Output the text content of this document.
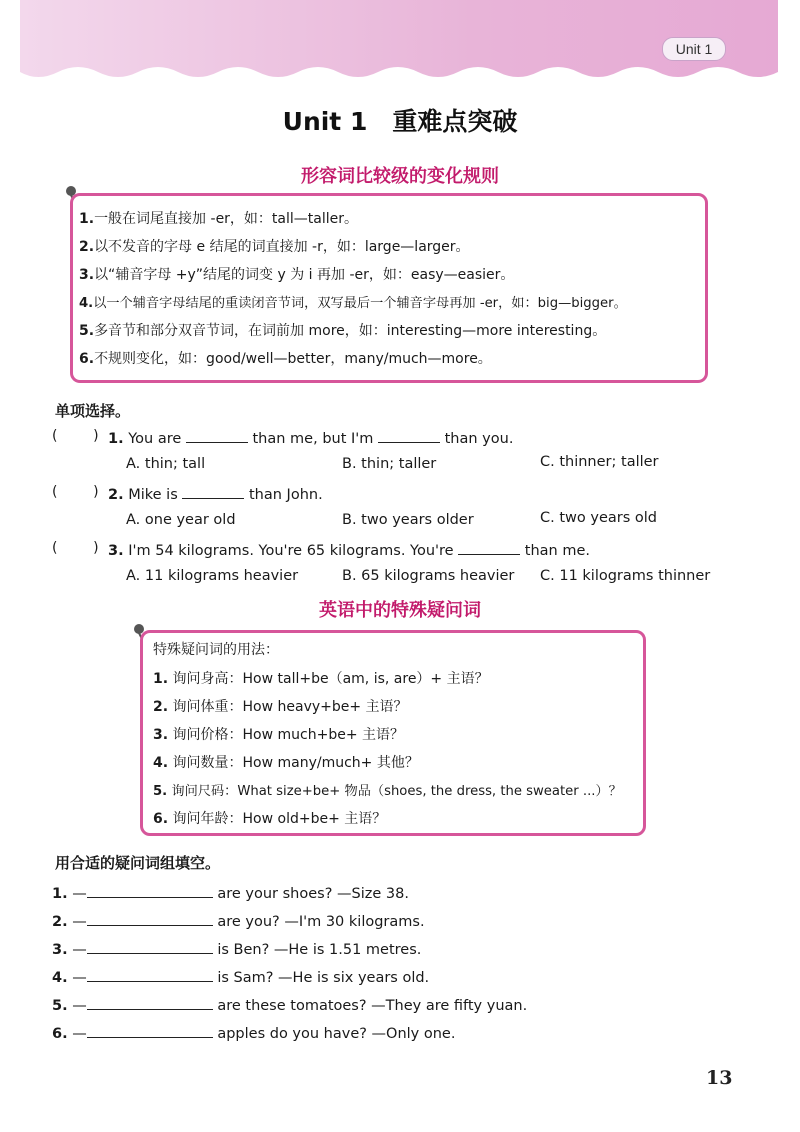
Unit 1
Unit 1　重难点突破
形容词比较级的变化规则
1.一般在词尾直接加 -er，如：tall—taller。
2.以不发音的字母 e 结尾的词直接加 -r，如：large—larger。
3.以“辅音字母 +y”结尾的词变 y 为 i 再加 -er，如：easy—easier。
4.以一个辅音字母结尾的重读闭音节词，双写最后一个辅音字母再加 -er，如：big—bigger。
5.多音节和部分双音节词，在词前加 more，如：interesting—more interesting。
6.不规则变化，如：good/well—better，many/much—more。
单项选择。
(        ) 1. You are	than me, but I'm	than you.
A. thin; tall	B. thin; taller	C. thinner; taller
(        ) 2. Mike is	than John.
A. one year old	B. two years older	C. two years old
(        ) 3. I'm 54 kilograms. You're 65 kilograms. You're	than me.
A. 11 kilograms heavier	B. 65 kilograms heavier C. 11 kilograms thinner
英语中的特殊疑问词
特殊疑问词的用法：
1. 询问身高：How tall+be（am, is, are）+ 主语？
2. 询问体重：How heavy+be+ 主语？
3. 询问价格：How much+be+ 主语？
4. 询问数量：How many/much+ 其他？
5. 询问尺码：What size+be+ 物品（shoes, the dress, the sweater ...）？
6. 询问年龄：How old+be+ 主语？
用合适的疑问词组填空。
1. —	are your shoes? —Size 38.
2. —	are you? —I'm 30 kilograms.
3. —	is Ben? —He is 1.51 metres.
4. —	is Sam? —He is six years old.
5. —	are these tomatoes? —They are fifty yuan.
6. —	apples do you have? —Only one.
13
